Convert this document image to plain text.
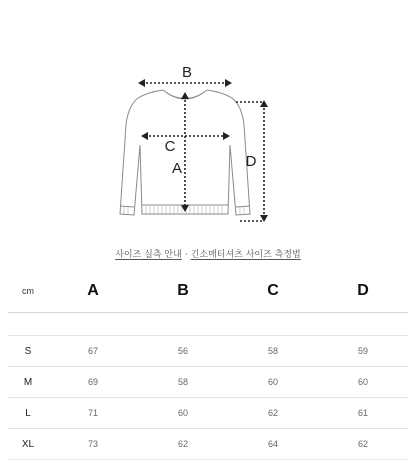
B
C
A	D
사이즈 실측 안내 · 긴소매티셔츠 사이즈 측정법
cm	A	B	C	D

S	67	56	58	59
M	69	58	60	60
L	71	60	62	61
XL	73	62	64	62
